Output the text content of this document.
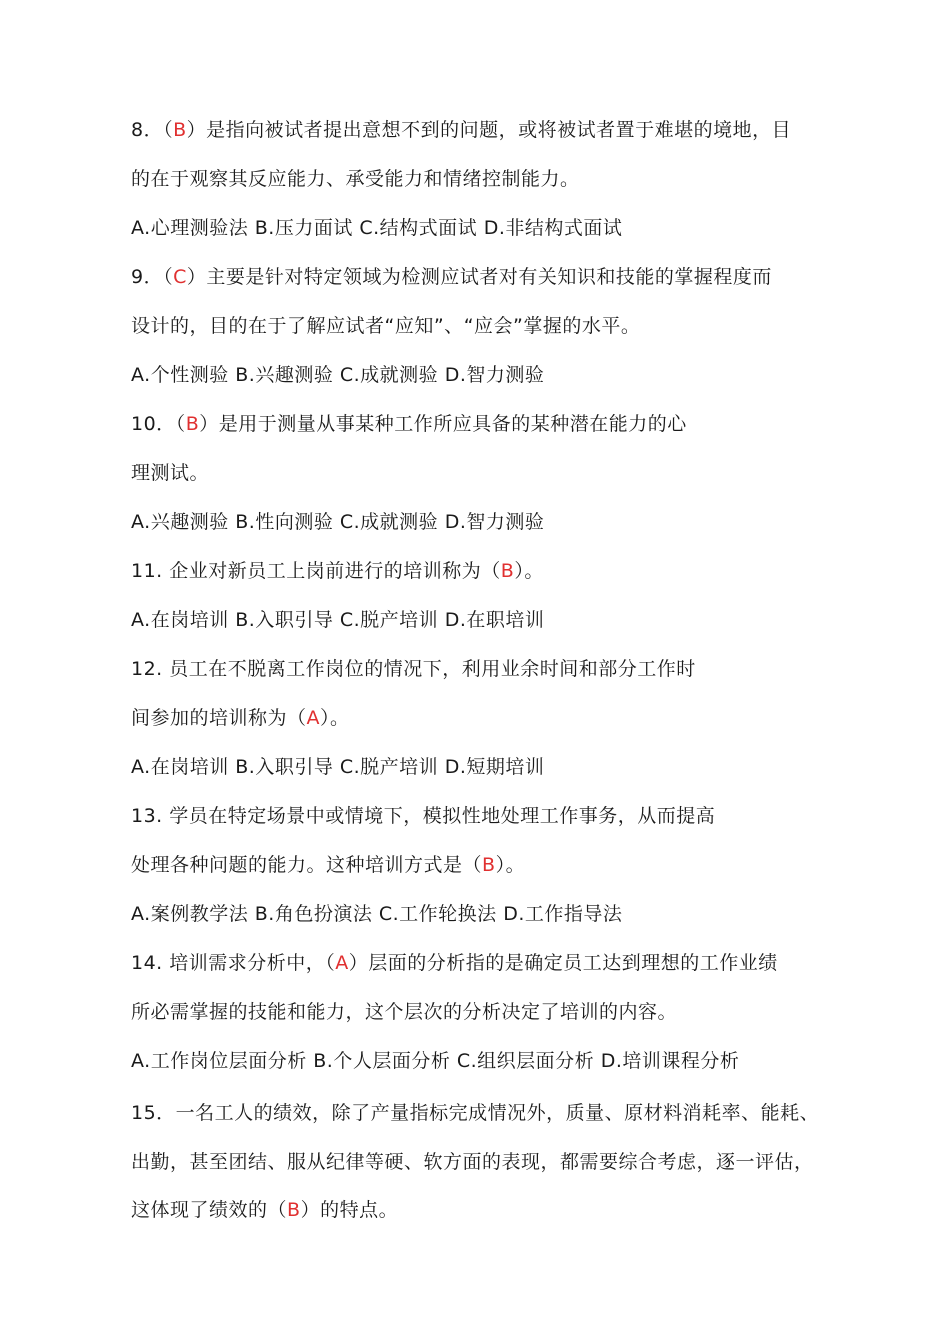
8．（B）是指向被试者提出意想不到的问题，或将被试者置于难堪的境地，目
的在于观察其反应能力、承受能力和情绪控制能力。
A.心理测验法 B.压力面试 C.结构式面试 D.非结构式面试
9．（C）主要是针对特定领域为检测应试者对有关知识和技能的掌握程度而
设计的，目的在于了解应试者“应知”、“应会”掌握的水平。
A.个性测验 B.兴趣测验 C.成就测验 D.智力测验
10．（B）是用于测量从事某种工作所应具备的某种潜在能力的心
理测试。
A.兴趣测验 B.性向测验 C.成就测验 D.智力测验
11. 企业对新员工上岗前进行的培训称为（B）。
A.在岗培训 B.入职引导 C.脱产培训 D.在职培训
12. 员工在不脱离工作岗位的情况下，利用业余时间和部分工作时
间参加的培训称为（A）。
A.在岗培训 B.入职引导 C.脱产培训 D.短期培训
13. 学员在特定场景中或情境下，模拟性地处理工作事务，从而提高
处理各种问题的能力。这种培训方式是（B）。
A.案例教学法 B.角色扮演法 C.工作轮换法 D.工作指导法
14. 培训需求分析中，（A）层面的分析指的是确定员工达到理想的工作业绩
所必需掌握的技能和能力，这个层次的分析决定了培训的内容。
A.工作岗位层面分析 B.个人层面分析 C.组织层面分析 D.培训课程分析
15．一名工人的绩效，除了产量指标完成情况外，质量、原材料消耗率、能耗、
出勤，甚至团结、服从纪律等硬、软方面的表现，都需要综合考虑，逐一评估，
这体现了绩效的（B）的特点。
